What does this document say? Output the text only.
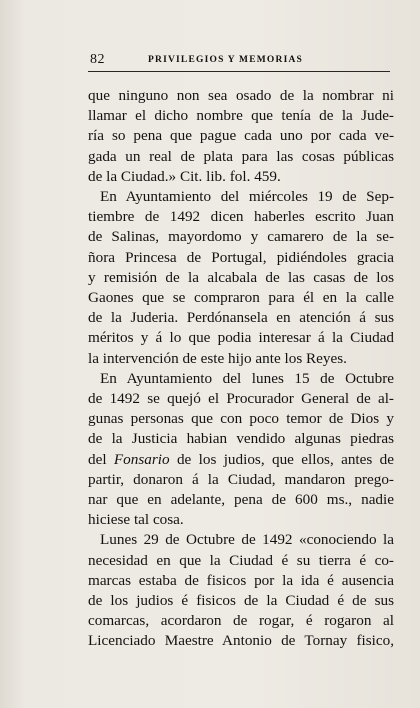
82	PRIVILEGIOS Y MEMORIAS

que ninguno non sea osado de la nombrar ni
llamar el dicho nombre que tenía de la Jude-
ría so pena que pague cada uno por cada ve-
gada un real de plata para las cosas públicas
de la Ciudad.» Cit. lib. fol. 459.

En Ayuntamiento del miércoles 19 de Sep-
tiembre de 1492 dicen haberles escrito Juan
de Salinas, mayordomo y camarero de la se-
ñora Princesa de Portugal, pidiéndoles gracia
y remisión de la alcabala de las casas de los
Gaones que se compraron para él en la calle
de la Juderia. Perdónansela en atención á sus
méritos y á lo que podia interesar á la Ciudad
la intervención de este hijo ante los Reyes.

En Ayuntamiento del lunes 15 de Octubre
de 1492 se quejó el Procurador General de al-
gunas personas que con poco temor de Dios y
de la Justicia habian vendido algunas piedras
del Fonsario de los judios, que ellos, antes de
partir, donaron á la Ciudad, mandaron prego-
nar que en adelante, pena de 600 ms., nadie
hiciese tal cosa.

Lunes 29 de Octubre de 1492 «conociendo la
necesidad en que la Ciudad é su tierra é co-
marcas estaba de fisicos por la ida é ausencia
de los judios é fisicos de la Ciudad é de sus
comarcas, acordaron de rogar, é rogaron al
Licenciado Maestre Antonio de Tornay fisico,
